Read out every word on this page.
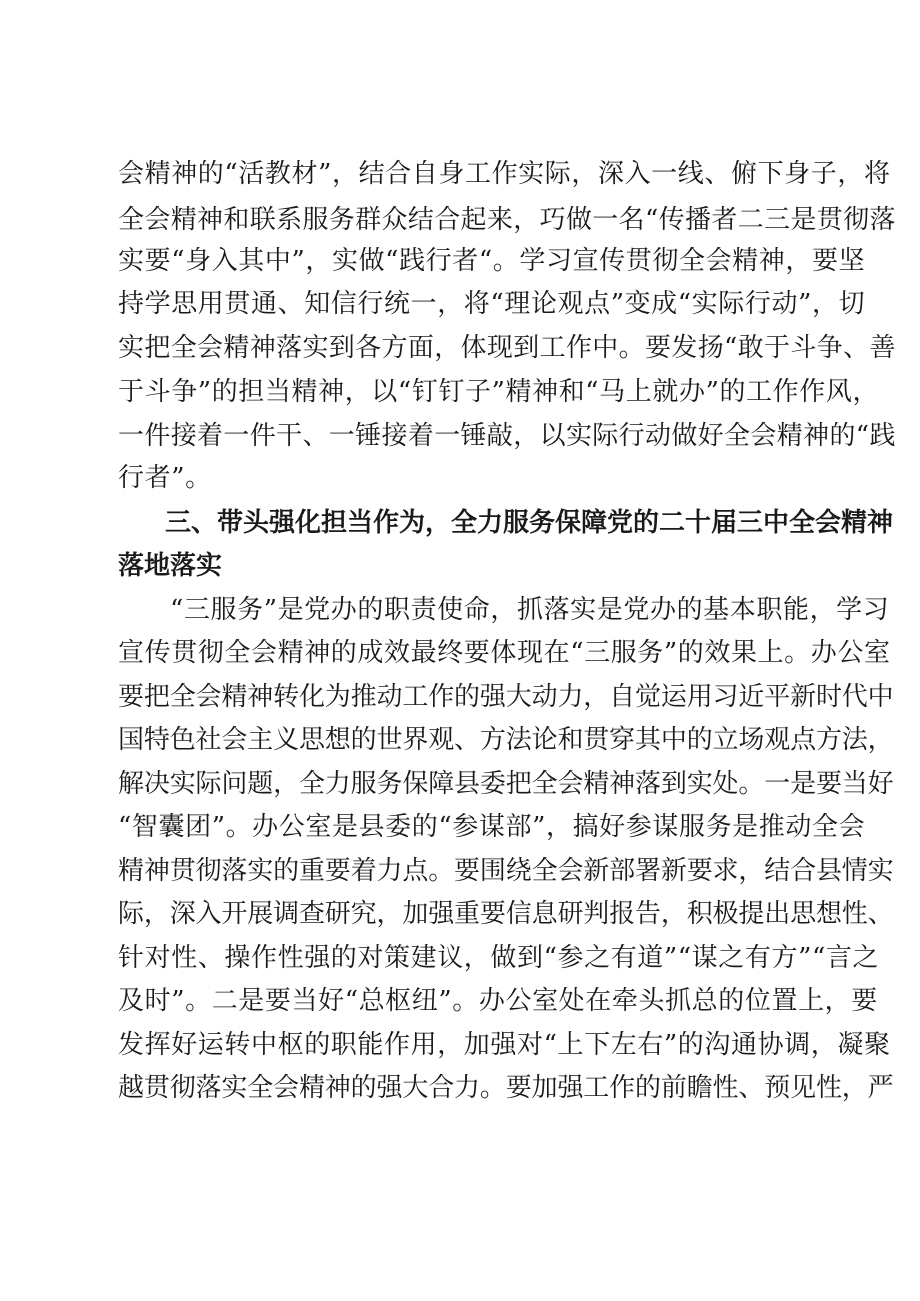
会精神的“活教材”，结合自身工作实际，深入一线、俯下身子，将
全会精神和联系服务群众结合起来，巧做一名“传播者二三是贯彻落
实要“身入其中”，实做“践行者“。学习宣传贯彻全会精神，要坚
持学思用贯通、知信行统一，将“理论观点”变成“实际行动”，切
实把全会精神落实到各方面，体现到工作中。要发扬“敢于斗争、善
于斗争”的担当精神，以“钉钉子”精神和“马上就办”的工作作风，
一件接着一件干、一锤接着一锤敲，以实际行动做好全会精神的“践
行者”。
三、带头强化担当作为，全力服务保障党的二十届三中全会精神
落地落实
“三服务”是党办的职责使命，抓落实是党办的基本职能，学习
宣传贯彻全会精神的成效最终要体现在“三服务”的效果上。办公室
要把全会精神转化为推动工作的强大动力，自觉运用习近平新时代中
国特色社会主义思想的世界观、方法论和贯穿其中的立场观点方法，
解决实际问题，全力服务保障县委把全会精神落到实处。一是要当好
“智囊团”。办公室是县委的“参谋部”，搞好参谋服务是推动全会
精神贯彻落实的重要着力点。要围绕全会新部署新要求，结合县情实
际，深入开展调查研究，加强重要信息研判报告，积极提出思想性、
针对性、操作性强的对策建议，做到“参之有道”“谋之有方”“言之
及时”。二是要当好“总枢纽”。办公室处在牵头抓总的位置上，要
发挥好运转中枢的职能作用，加强对“上下左右”的沟通协调，凝聚
越贯彻落实全会精神的强大合力。要加强工作的前瞻性、预见性，严
